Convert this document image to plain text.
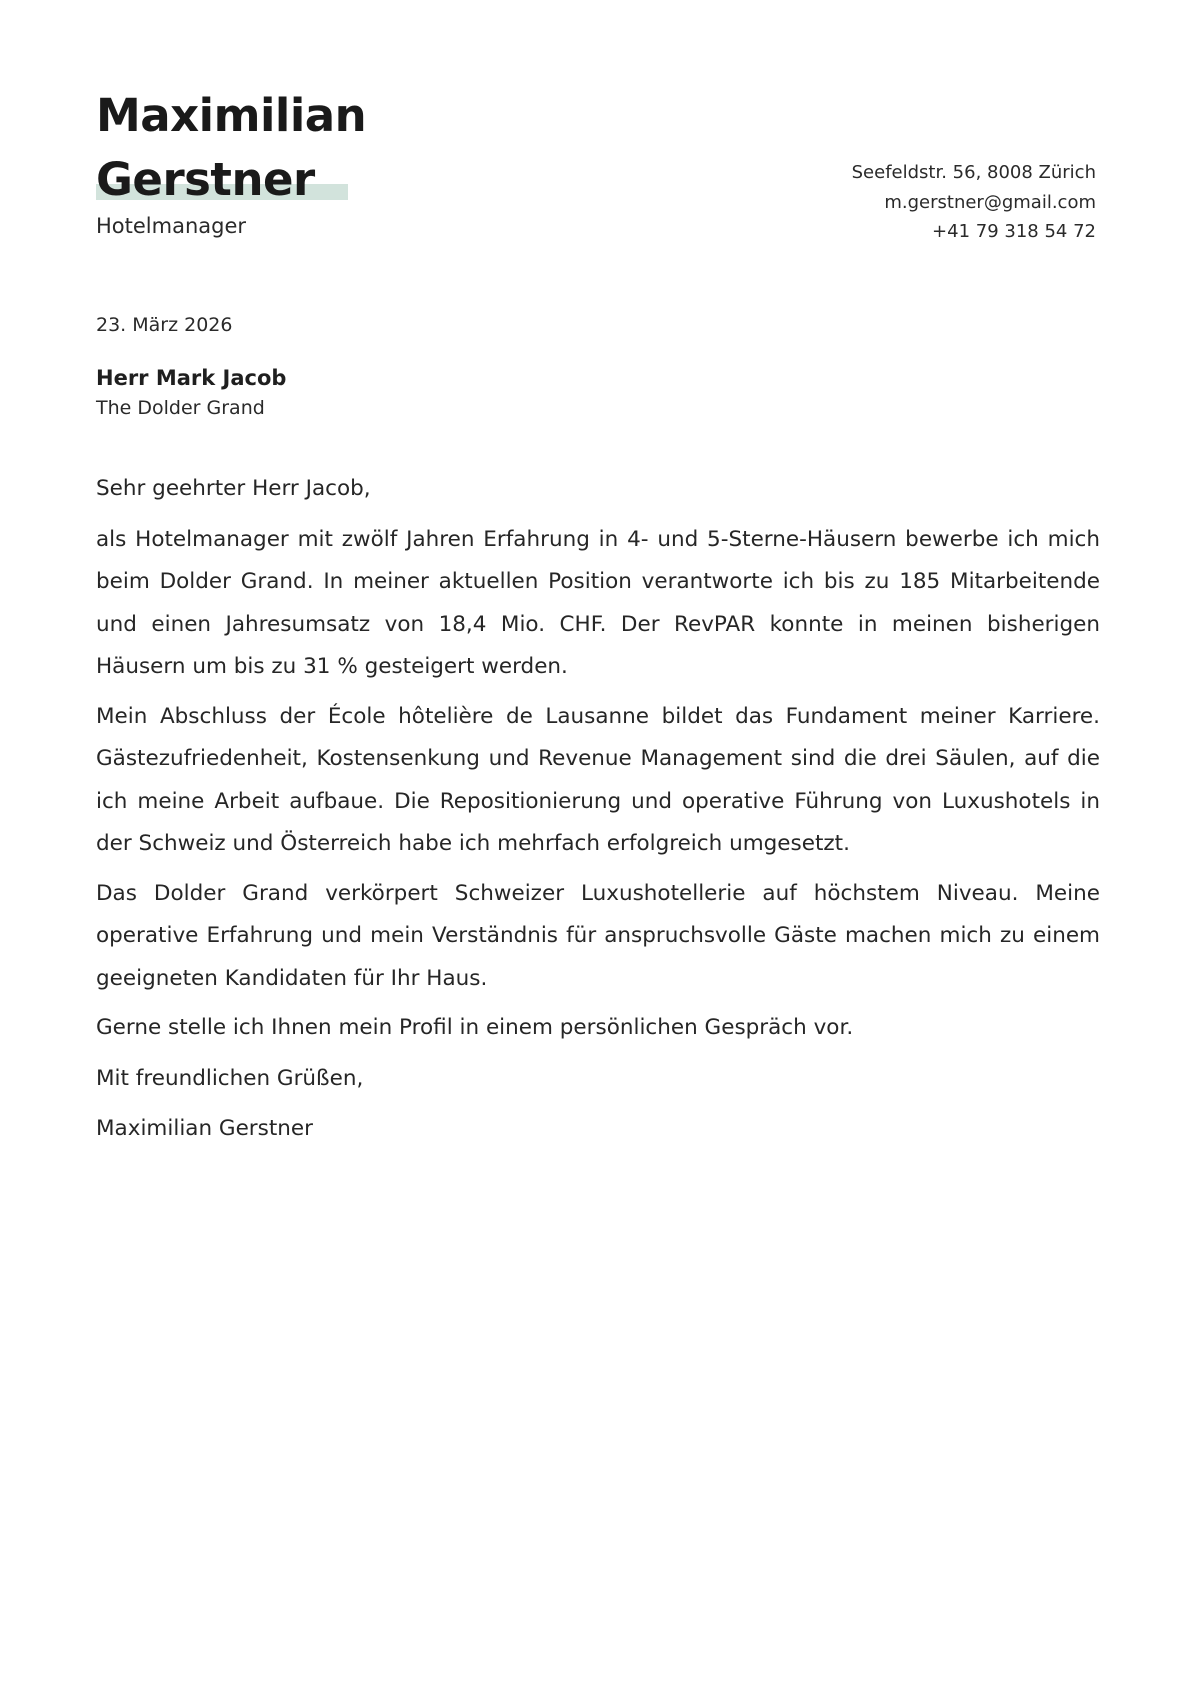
Maximilian
Gerstner
Hotelmanager
Seefeldstr. 56, 8008 Zürich
m.gerstner@gmail.com
+41 79 318 54 72
23. März 2026
Herr Mark Jacob
The Dolder Grand

Sehr geehrter Herr Jacob,

als Hotelmanager mit zwölf Jahren Erfahrung in 4- und 5-Sterne-Häusern bewerbe ich mich beim Dolder Grand. In meiner aktuellen Position verantworte ich bis zu 185 Mitarbeitende und einen Jahresumsatz von 18,4 Mio. CHF. Der RevPAR konnte in meinen bisherigen Häusern um bis zu 31 % gesteigert werden.

Mein Abschluss der École hôtelière de Lausanne bildet das Fundament meiner Karriere. Gästezufriedenheit, Kostensenkung und Revenue Management sind die drei Säulen, auf die ich meine Arbeit aufbaue. Die Repositionierung und operative Führung von Luxushotels in der Schweiz und Österreich habe ich mehrfach erfolgreich umgesetzt.

Das Dolder Grand verkörpert Schweizer Luxushotellerie auf höchstem Niveau. Meine operative Erfahrung und mein Verständnis für anspruchsvolle Gäste machen mich zu einem geeigneten Kandidaten für Ihr Haus.

Gerne stelle ich Ihnen mein Profil in einem persönlichen Gespräch vor.

Mit freundlichen Grüßen,

Maximilian Gerstner
